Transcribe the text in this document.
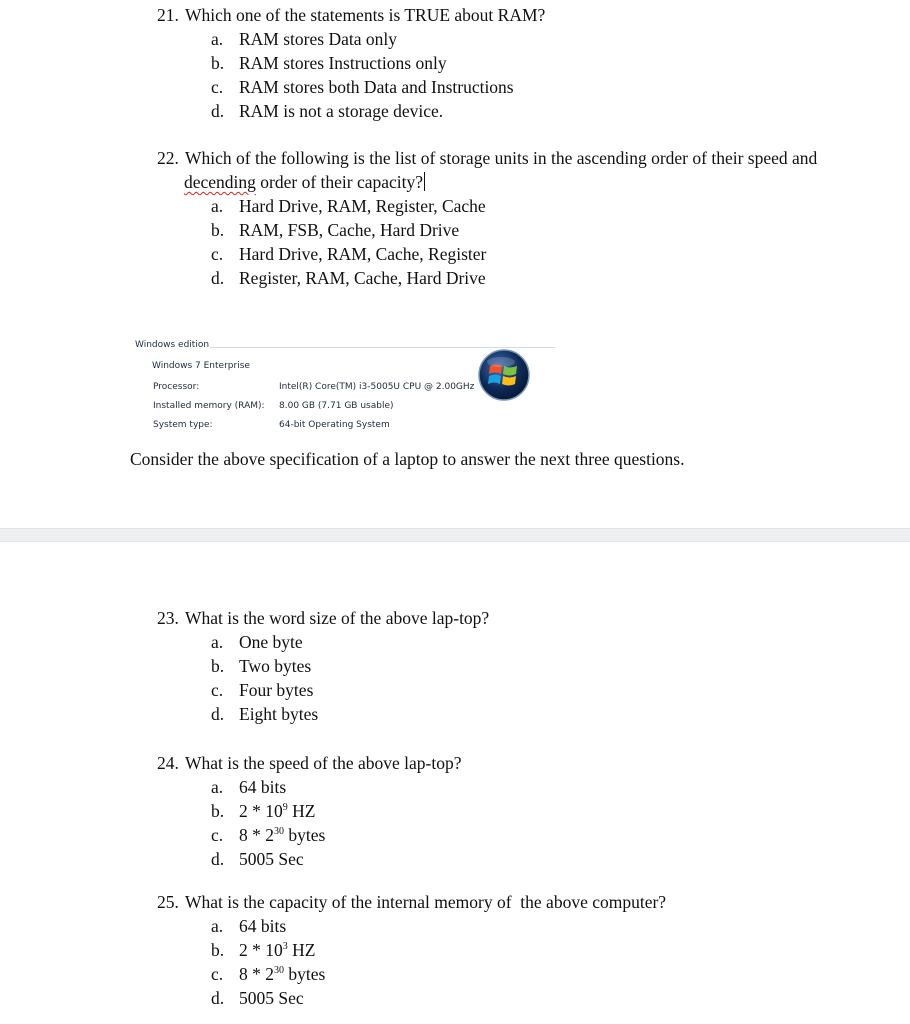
21. Which one of the statements is TRUE about RAM?
a. RAM stores Data only
b. RAM stores Instructions only
c. RAM stores both Data and Instructions
d. RAM is not a storage device.
22. Which of the following is the list of storage units in the ascending order of their speed and
decending order of their capacity?
a. Hard Drive, RAM, Register, Cache
b. RAM, FSB, Cache, Hard Drive
c. Hard Drive, RAM, Cache, Register
d. Register, RAM, Cache, Hard Drive
Windows edition
Windows 7 Enterprise
Processor:	Intel(R) Core(TM) i3-5005U CPU @ 2.00GHz
Installed memory (RAM): 8.00 GB (7.71 GB usable)
System type:	64-bit Operating System
Consider the above specification of a laptop to answer the next three questions.
23. What is the word size of the above lap-top?
a. One byte
b. Two bytes
c. Four bytes
d. Eight bytes
24. What is the speed of the above lap-top?
a. 64 bits
b. $2 * 10^9$ HZ
c. $8 * 2^{30}$ bytes
d. 5005 Sec
25. What is the capacity of the internal memory of  the above computer?
a. 64 bits
b. $2 * 10^3$ HZ
c. $8 * 2^{30}$ bytes
d. 5005 Sec
